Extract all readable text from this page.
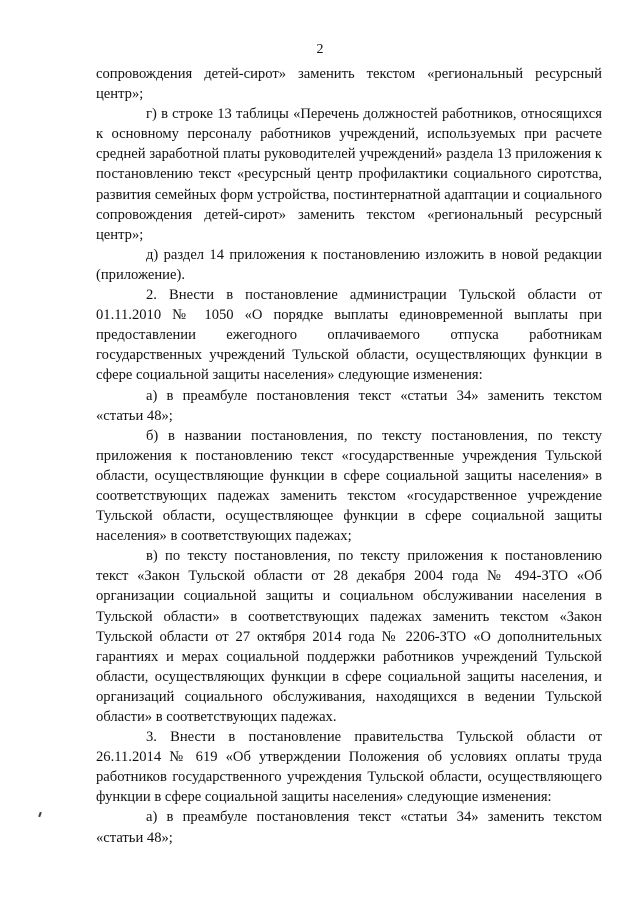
2

сопровождения детей-сирот» заменить текстом «региональный ресурсный центр»;

г) в строке 13 таблицы «Перечень должностей работников, относящихся к основному персоналу работников учреждений, используемых при расчете средней заработной платы руководителей учреждений» раздела 13 приложения к постановлению текст «ресурсный центр профилактики социального сиротства, развития семейных форм устройства, постинтернатной адаптации и социального сопровождения детей-сирот» заменить текстом «региональный ресурсный центр»;

д) раздел 14 приложения к постановлению изложить в новой редакции (приложение).

2. Внести в постановление администрации Тульской области от 01.11.2010 № 1050 «О порядке выплаты единовременной выплаты при предоставлении ежегодного оплачиваемого отпуска работникам государственных учреждений Тульской области, осуществляющих функции в сфере социальной защиты населения» следующие изменения:

а) в преамбуле постановления текст «статьи 34» заменить текстом «статьи 48»;

б) в названии постановления, по тексту постановления, по тексту приложения к постановлению текст «государственные учреждения Тульской области, осуществляющие функции в сфере социальной защиты населения» в соответствующих падежах заменить текстом «государственное учреждение Тульской области, осуществляющее функции в сфере социальной защиты населения» в соответствующих падежах;

в) по тексту постановления, по тексту приложения к постановлению текст «Закон Тульской области от 28 декабря 2004 года № 494-ЗТО «Об организации социальной защиты и социальном обслуживании населения в Тульской области» в соответствующих падежах заменить текстом «Закон Тульской области от 27 октября 2014 года № 2206-ЗТО «О дополнительных гарантиях и мерах социальной поддержки работников учреждений Тульской области, осуществляющих функции в сфере социальной защиты населения, и организаций социального обслуживания, находящихся в ведении Тульской области» в соответствующих падежах.

3. Внести в постановление правительства Тульской области от 26.11.2014 № 619 «Об утверждении Положения об условиях оплаты труда работников государственного учреждения Тульской области, осуществляющего функции в сфере социальной защиты населения» следующие изменения:

а) в преамбуле постановления текст «статьи 34» заменить текстом «статьи 48»;
